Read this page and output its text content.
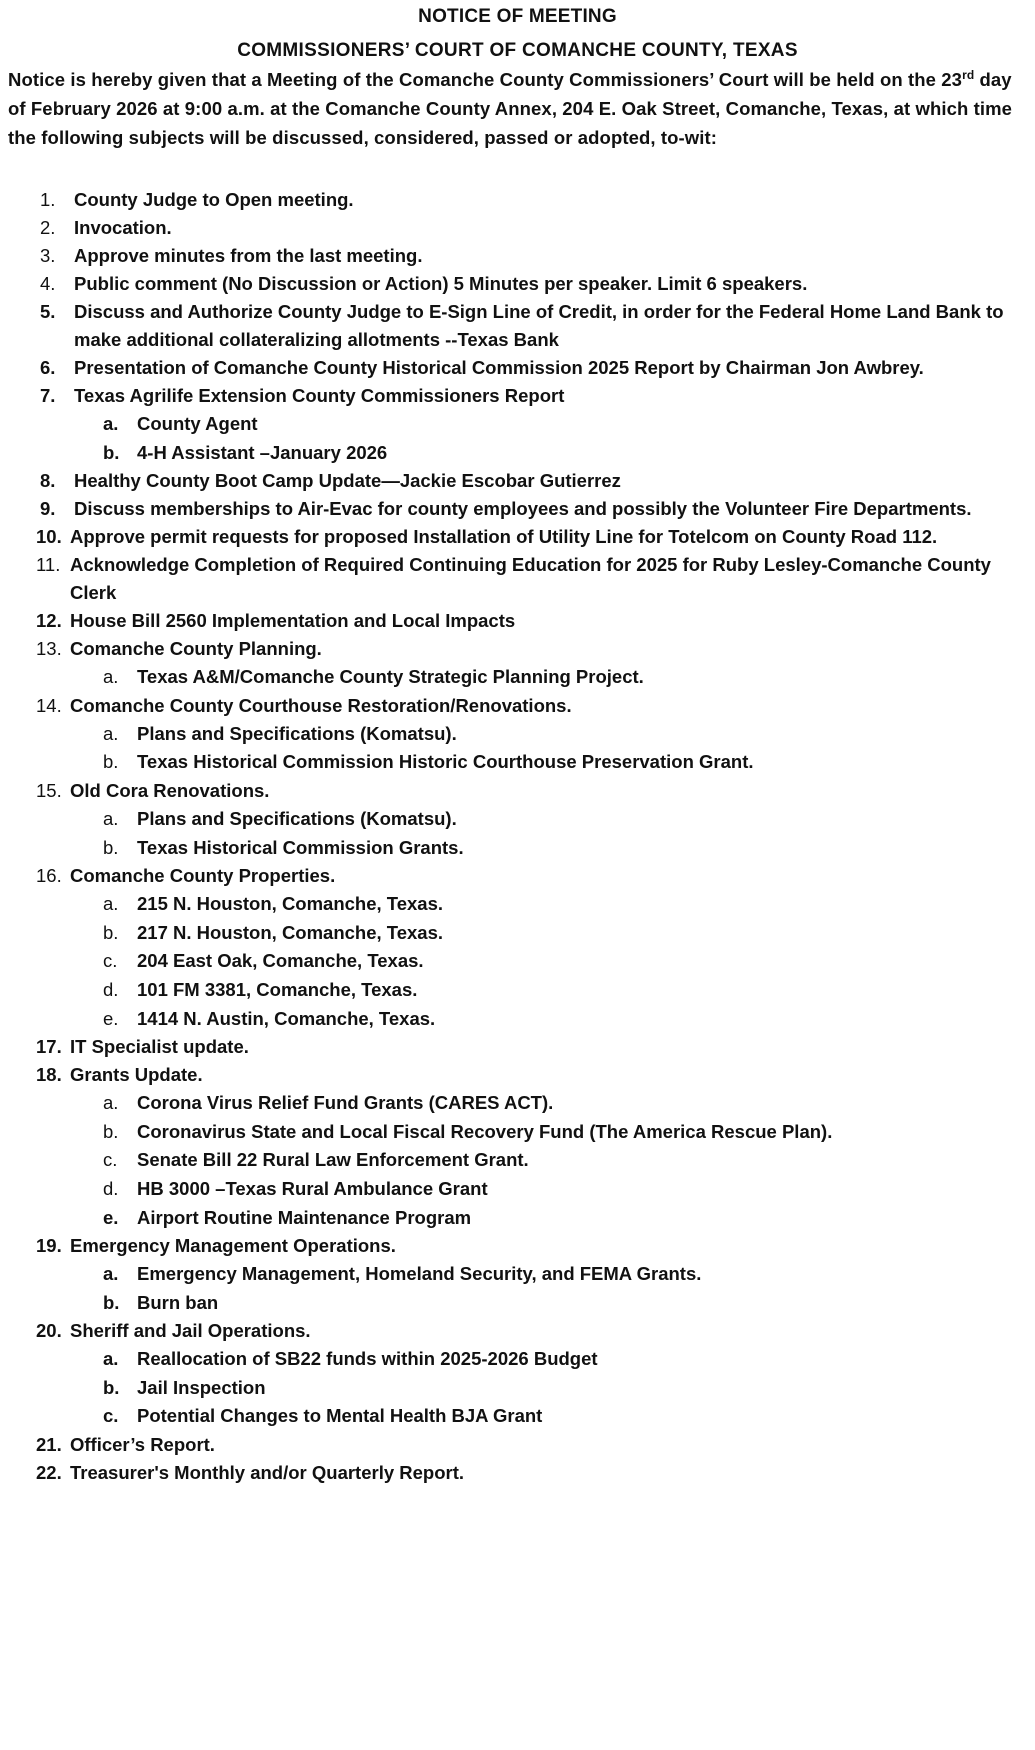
NOTICE OF MEETING
COMMISSIONERS’ COURT OF COMANCHE COUNTY, TEXAS
Notice is hereby given that a Meeting of the Comanche County Commissioners’ Court will be held on the 23rd day of February 2026 at 9:00 a.m. at the Comanche County Annex, 204 E. Oak Street, Comanche, Texas, at which time the following subjects will be discussed, considered, passed or adopted, to-wit:
1. County Judge to Open meeting.
2. Invocation.
3. Approve minutes from the last meeting.
4. Public comment (No Discussion or Action) 5 Minutes per speaker. Limit 6 speakers.
5. Discuss and Authorize County Judge to E-Sign Line of Credit, in order for the Federal Home Land Bank to make additional collateralizing allotments --Texas Bank
6. Presentation of Comanche County Historical Commission 2025 Report by Chairman Jon Awbrey.
7. Texas Agrilife Extension County Commissioners Report
a. County Agent
b. 4-H Assistant –January 2026
8. Healthy County Boot Camp Update—Jackie Escobar Gutierrez
9. Discuss memberships to Air-Evac for county employees and possibly the Volunteer Fire Departments.
10. Approve permit requests for proposed Installation of Utility Line for Totelcom on County Road 112.
11. Acknowledge Completion of Required Continuing Education for 2025 for Ruby Lesley-Comanche County Clerk
12. House Bill 2560 Implementation and Local Impacts
13. Comanche County Planning.
a. Texas A&M/Comanche County Strategic Planning Project.
14. Comanche County Courthouse Restoration/Renovations.
a. Plans and Specifications (Komatsu).
b. Texas Historical Commission Historic Courthouse Preservation Grant.
15. Old Cora Renovations.
a. Plans and Specifications (Komatsu).
b. Texas Historical Commission Grants.
16. Comanche County Properties.
a. 215 N. Houston, Comanche, Texas.
b. 217 N. Houston, Comanche, Texas.
c. 204 East Oak, Comanche, Texas.
d. 101 FM 3381, Comanche, Texas.
e. 1414 N. Austin, Comanche, Texas.
17. IT Specialist update.
18. Grants Update.
a. Corona Virus Relief Fund Grants (CARES ACT).
b. Coronavirus State and Local Fiscal Recovery Fund (The America Rescue Plan).
c. Senate Bill 22 Rural Law Enforcement Grant.
d. HB 3000 –Texas Rural Ambulance Grant
e. Airport Routine Maintenance Program
19. Emergency Management Operations.
a. Emergency Management, Homeland Security, and FEMA Grants.
b. Burn ban
20. Sheriff and Jail Operations.
a. Reallocation of SB22 funds within 2025-2026 Budget
b. Jail Inspection
c. Potential Changes to Mental Health BJA Grant
21. Officer’s Report.
22. Treasurer's Monthly and/or Quarterly Report.
